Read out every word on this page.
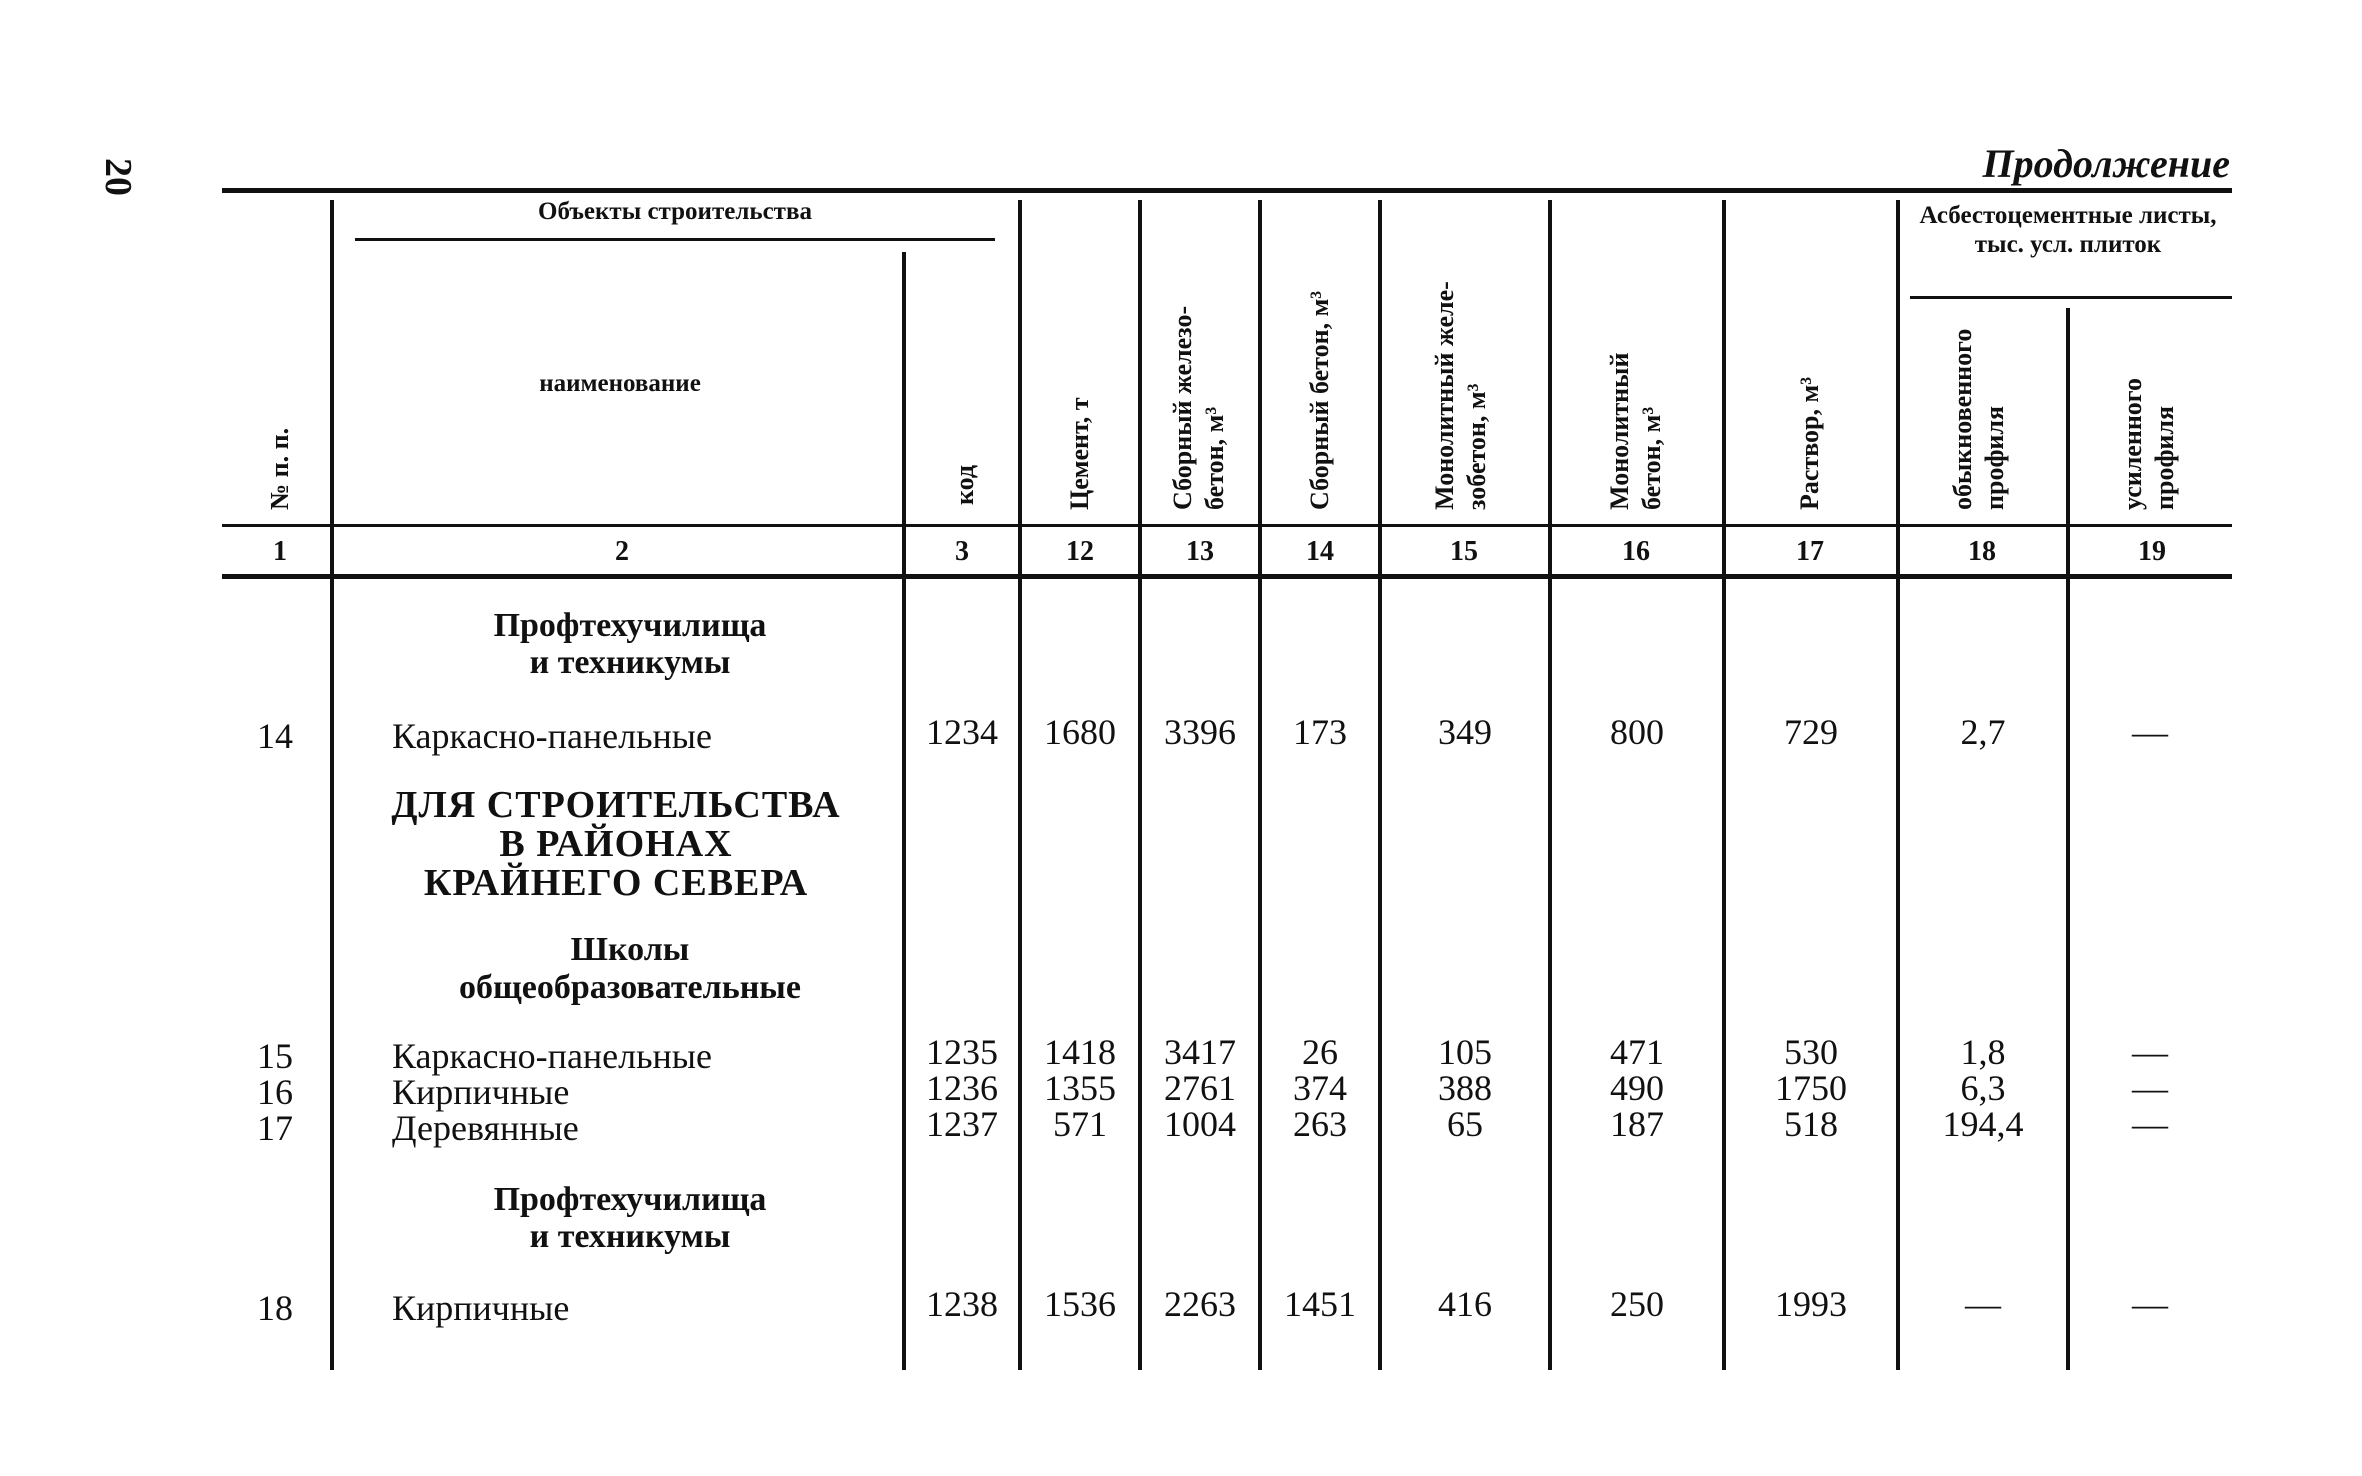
20	Продолжение
Объекты строительства
наименование
Асбестоцементные листы, тыс. усл. плиток
№ п. п.	код	Цемент, т	Сборный железо- бетон, м³	Сборный бетон, м³	Монолитный желе- зобетон, м³	Монолитный бетон, м³	Раствор, м³	обыкновенного профиля	усиленного профиля
1	2	3	12	13	14	15	16	17	18	19
Профтехучилища
и техникумы
ДЛЯ СТРОИТЕЛЬСТВА
В РАЙОНАХ
КРАЙНЕГО СЕВЕРА
Школы
общеобразовательные
Профтехучилища
и техникумы
14	Каркасно-панельные	1234	1680	3396	173	349	800	729	2,7	—
15	Каркасно-панельные	1235	1418	3417	26	105	471	530	1,8	—
16	Кирпичные	1236	1355	2761	374	388	490	1750	6,3	—
17	Деревянные	1237	571	1004	263	65	187	518	194,4	—
18	Кирпичные	1238	1536	2263	1451	416	250	1993	—	—
